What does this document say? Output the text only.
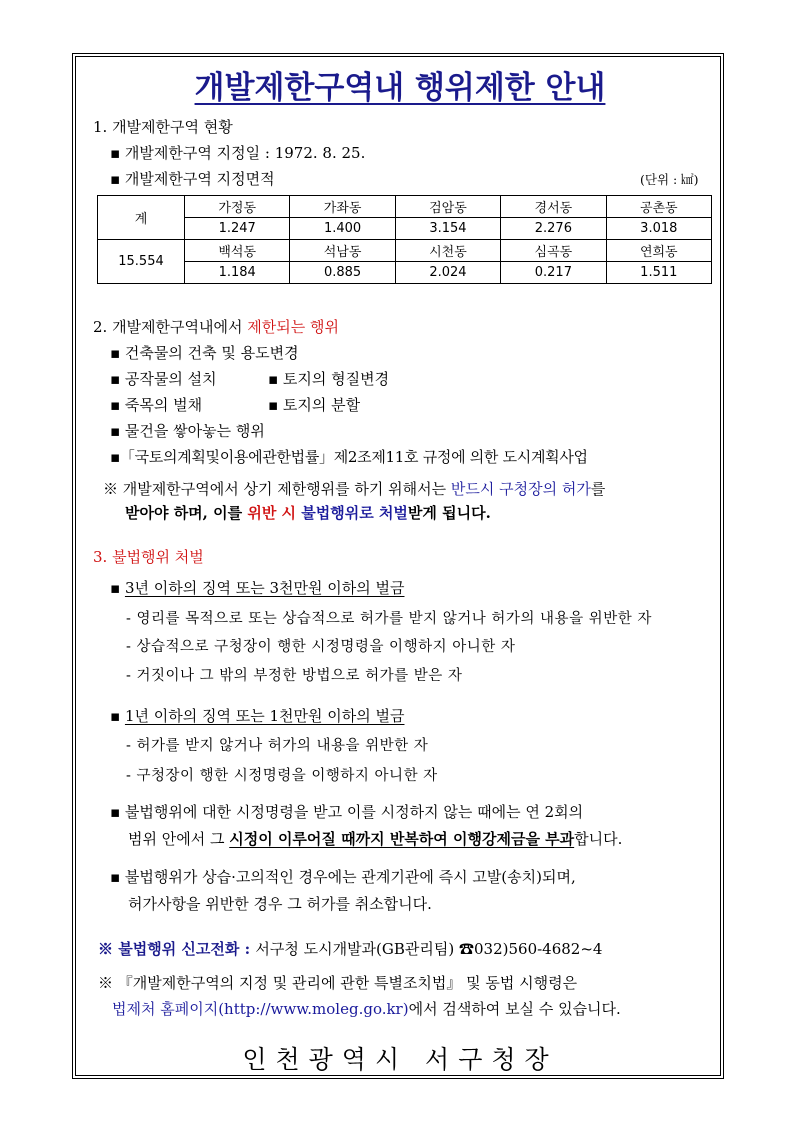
개발제한구역내 행위제한 안내
1. 개발제한구역 현황
▪ 개발제한구역 지정일 : 1972. 8. 25.
▪ 개발제한구역 지정면적	(단위 : ㎢)
계	가정동	가좌동	검암동	경서동	공촌동
	1.247	1.400	3.154	2.276	3.018
15.554	백석동	석남동	시천동	심곡동	연희동
	1.184	0.885	2.024	0.217	1.511
2. 개발제한구역내에서 제한되는 행위
▪ 건축물의 건축 및 용도변경
▪ 공작물의 설치	▪ 토지의 형질변경
▪ 죽목의 벌채	▪ 토지의 분할
▪ 물건을 쌓아놓는 행위
▪「국토의계획및이용에관한법률」제2조제11호 규정에 의한 도시계획사업
※ 개발제한구역에서 상기 제한행위를 하기 위해서는 반드시 구청장의 허가를
받아야 하며, 이를 위반 시 불법행위로 처벌받게 됩니다.
3. 불법행위 처벌
▪ 3년 이하의 징역 또는 3천만원 이하의 벌금
- 영리를 목적으로 또는 상습적으로 허가를 받지 않거나 허가의 내용을 위반한 자
- 상습적으로 구청장이 행한 시정명령을 이행하지 아니한 자
- 거짓이나 그 밖의 부정한 방법으로 허가를 받은 자
▪ 1년 이하의 징역 또는 1천만원 이하의 벌금
- 허가를 받지 않거나 허가의 내용을 위반한 자
- 구청장이 행한 시정명령을 이행하지 아니한 자
▪ 불법행위에 대한 시정명령을 받고 이를 시정하지 않는 때에는 연 2회의
범위 안에서 그 시정이 이루어질 때까지 반복하여 이행강제금을 부과합니다.
▪ 불법행위가 상습·고의적인 경우에는 관계기관에 즉시 고발(송치)되며,
허가사항을 위반한 경우 그 허가를 취소합니다.
※ 불법행위 신고전화 : 서구청 도시개발과(GB관리팀) ☎032)560-4682~4
※ 『개발제한구역의 지정 및 관리에 관한 특별조치법』 및 동법 시행령은
법제처 홈페이지(http://www.moleg.go.kr)에서 검색하여 보실 수 있습니다.
인천광역시 서구청장
